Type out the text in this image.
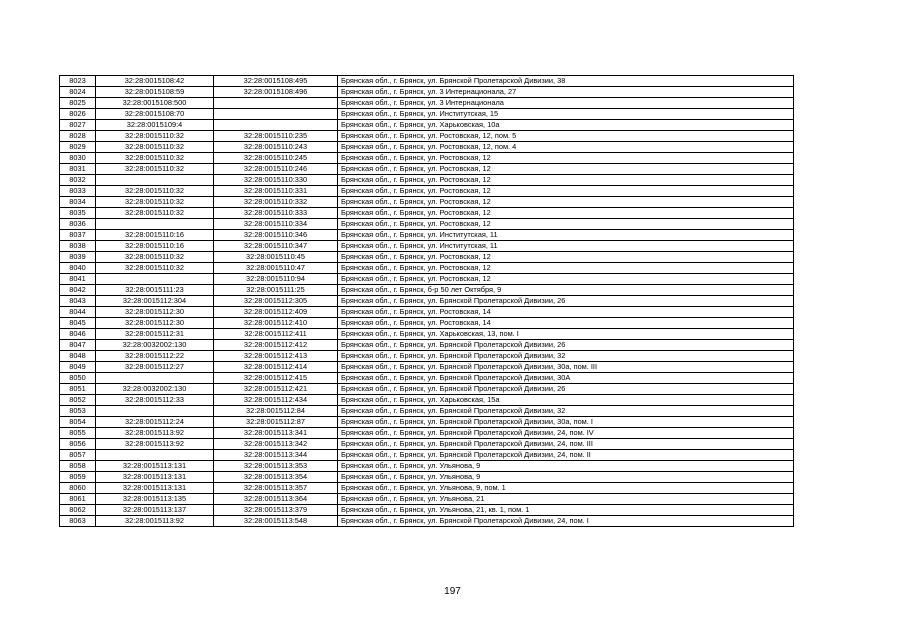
8023	32:28:0015108:42	32:28:0015108:495	Брянская обл., г. Брянск, ул. Брянской Пролетарской Дивизии, 38
8024	32:28:0015108:59	32:28:0015108:496	Брянская обл., г. Брянск, ул. 3 Интернационала, 27
8025	32:28:0015108:500		Брянская обл., г. Брянск, ул. 3 Интернационала
8026	32:28:0015108:70		Брянская обл., г. Брянск, ул. Институтская, 15
8027	32:28:0015109:4		Брянская обл., г. Брянск, ул. Харьковская, 10а
8028	32:28:0015110:32	32:28:0015110:235	Брянская обл., г. Брянск, ул. Ростовская, 12, пом. 5
8029	32:28:0015110:32	32:28:0015110:243	Брянская обл., г. Брянск, ул. Ростовская, 12, пом. 4
8030	32:28:0015110:32	32:28:0015110:245	Брянская обл., г. Брянск, ул. Ростовская, 12
8031	32:28:0015110:32	32:28:0015110:246	Брянская обл., г. Брянск, ул. Ростовская, 12
8032		32:28:0015110:330	Брянская обл., г. Брянск, ул. Ростовская, 12
8033	32:28:0015110:32	32:28:0015110:331	Брянская обл., г. Брянск, ул. Ростовская, 12
8034	32:28:0015110:32	32:28:0015110:332	Брянская обл., г. Брянск, ул. Ростовская, 12
8035	32:28:0015110:32	32:28:0015110:333	Брянская обл., г. Брянск, ул. Ростовская, 12
8036		32:28:0015110:334	Брянская обл., г. Брянск, ул. Ростовская, 12
8037	32:28:0015110:16	32:28:0015110:346	Брянская обл., г. Брянск, ул. Институтская, 11
8038	32:28:0015110:16	32:28:0015110:347	Брянская обл., г. Брянск, ул. Институтская, 11
8039	32:28:0015110:32	32:28:0015110:45	Брянская обл., г. Брянск, ул. Ростовская, 12
8040	32:28:0015110:32	32:28:0015110:47	Брянская обл., г. Брянск, ул. Ростовская, 12
8041		32:28:0015110:94	Брянская обл., г. Брянск, ул. Ростовская, 12
8042	32:28:0015111:23	32:28:0015111:25	Брянская обл., г. Брянск, б-р 50 лет Октября, 9
8043	32:28:0015112:304	32:28:0015112:305	Брянская обл., г. Брянск, ул. Брянской Пролетарской Дивизии, 26
8044	32:28:0015112:30	32:28:0015112:409	Брянская обл., г. Брянск, ул. Ростовская, 14
8045	32:28:0015112:30	32:28:0015112:410	Брянская обл., г. Брянск, ул. Ростовская, 14
8046	32:28:0015112:31	32:28:0015112:411	Брянская обл., г. Брянск, ул. Харьковская, 13, пом. I
8047	32:28:0032002:130	32:28:0015112:412	Брянская обл., г. Брянск, ул. Брянской Пролетарской Дивизии, 26
8048	32:28:0015112:22	32:28:0015112:413	Брянская обл., г. Брянск, ул. Брянской Пролетарской Дивизии, 32
8049	32:28:0015112:27	32:28:0015112:414	Брянская обл., г. Брянск, ул. Брянской Пролетарской Дивизии, 30а, пом. III
8050		32:28:0015112:415	Брянская обл., г. Брянск, ул. Брянской Пролетарской Дивизии, 30А
8051	32:28:0032002:130	32:28:0015112:421	Брянская обл., г. Брянск, ул. Брянской Пролетарской Дивизии, 26
8052	32:28:0015112:33	32:28:0015112:434	Брянская обл., г. Брянск, ул. Харьковская, 15а
8053		32:28:0015112:84	Брянская обл., г. Брянск, ул. Брянской Пролетарской Дивизии, 32
8054	32:28:0015112:24	32:28:0015112:87	Брянская обл., г. Брянск, ул. Брянской Пролетарской Дивизии, 30а, пом. I
8055	32:28:0015113:92	32:28:0015113:341	Брянская обл., г. Брянск, ул. Брянской Пролетарской Дивизии, 24, пом. IV
8056	32:28:0015113:92	32:28:0015113:342	Брянская обл., г. Брянск, ул. Брянской Пролетарской Дивизии, 24, пом. III
8057		32:28:0015113:344	Брянская обл., г. Брянск, ул. Брянской Пролетарской Дивизии, 24, пом. II
8058	32:28:0015113:131	32:28:0015113:353	Брянская обл., г. Брянск, ул. Ульянова, 9
8059	32:28:0015113:131	32:28:0015113:354	Брянская обл., г. Брянск, ул. Ульянова, 9
8060	32:28:0015113:131	32:28:0015113:357	Брянская обл., г. Брянск, ул. Ульянова, 9, пом. 1
8061	32:28:0015113:135	32:28:0015113:364	Брянская обл., г. Брянск, ул. Ульянова, 21
8062	32:28:0015113:137	32:28:0015113:379	Брянская обл., г. Брянск, ул. Ульянова, 21, кв. 1, пом. 1
8063	32:28:0015113:92	32:28:0015113:548	Брянская обл., г. Брянск, ул. Брянской Пролетарской Дивизии, 24, пом. I
197
